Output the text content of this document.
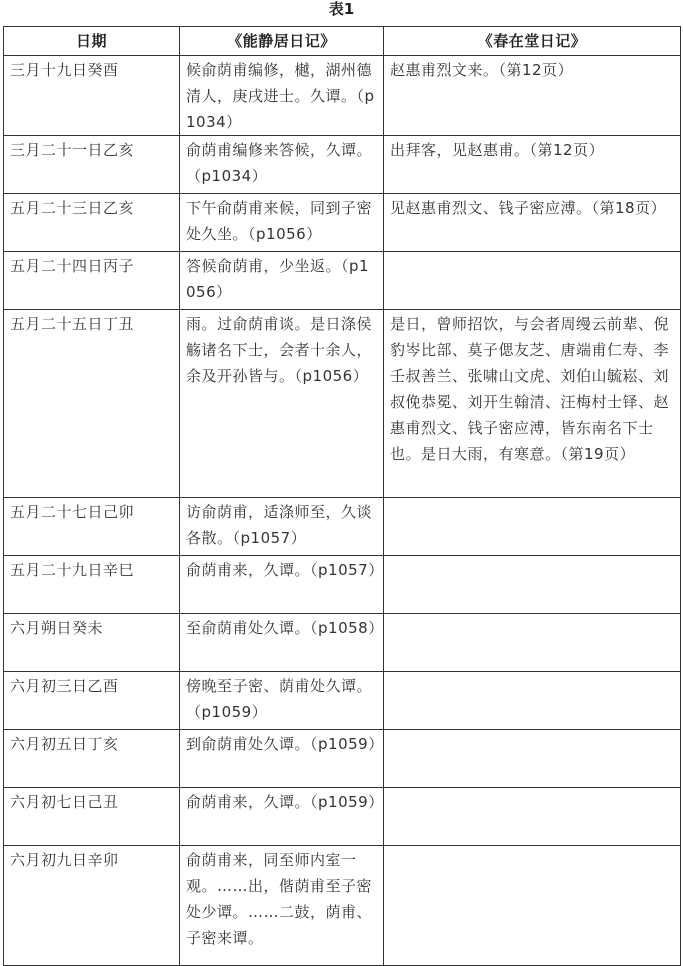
表1
日期	《能静居日记》	《春在堂日记》
三月十九日癸酉	候俞荫甫编修，樾，湖州德清人，庚戌进士。久谭。（p1034）	赵惠甫烈文来。（第12页）
三月二十一日乙亥	俞荫甫编修来答候，久谭。（p1034）	出拜客，见赵惠甫。（第12页）
五月二十三日乙亥	下午俞荫甫来候，同到子密处久坐。（p1056）	见赵惠甫烈文、钱子密应溥。（第18页）
五月二十四日丙子	答候俞荫甫，少坐返。（p1056）	
五月二十五日丁丑	雨。过俞荫甫谈。是日涤侯觞诸名下士，会者十余人，余及开孙皆与。（p1056）	是日，曾师招饮，与会者周缦云前辈、倪豹岑比部、莫子偲友芝、唐端甫仁寿、李壬叔善兰、张啸山文虎、刘伯山毓崧、刘叔俛恭冕、刘开生翰清、汪梅村士铎、赵惠甫烈文、钱子密应溥，皆东南名下士也。是日大雨，有寒意。（第19页）
五月二十七日己卯	访俞荫甫，适涤师至，久谈各散。（p1057）	
五月二十九日辛巳	俞荫甫来，久谭。（p1057）	
六月朔日癸未	至俞荫甫处久谭。（p1058）	
六月初三日乙酉	傍晚至子密、荫甫处久谭。（p1059）	
六月初五日丁亥	到俞荫甫处久谭。（p1059）	
六月初七日己丑	俞荫甫来，久谭。（p1059）	
六月初九日辛卯	俞荫甫来，同至师内室一观。……出，偕荫甫至子密处少谭。……二鼓，荫甫、子密来谭。	
